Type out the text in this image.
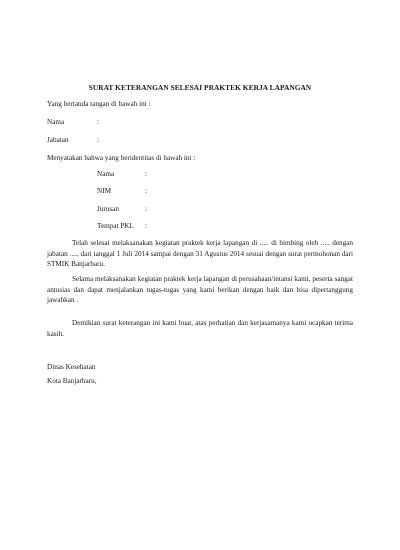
SURAT KETERANGAN SELESAI PRAKTEK KERJA LAPANGAN
Yang bertanda tangan di bawah ini :
Nama	:
Jabatan	:
Menyatakan bahwa yang beridentitas di bawah ini :
Nama	:
NIM	:
Jurusan	:
Tempat PKL :
Telah selesai melaksanakan kegiatan praktek kerja lapangan di ..... di bimbing oleh ..... dengan jabatan ...., dari tanggal 1 Juli 2014 sampai dengan 31 Agustus 2014 sesuai dengan surat permohonan dari STMIK Banjarbaru.
Selama melaksanakan kegiatan praktek kerja lapangan di perusahaan/intansi kami, peserta sangat antusias dan dapat menjalankan tugas-tugas yang kami berikan dengan baik dan bisa dipertanggung jawabkan .
Demikian surat keterangan ini kami buat, atas perhatian dan kerjasamanya kami ucapkan terima kasih.
Dinas Kesehatan
Kota Banjarbaru,
